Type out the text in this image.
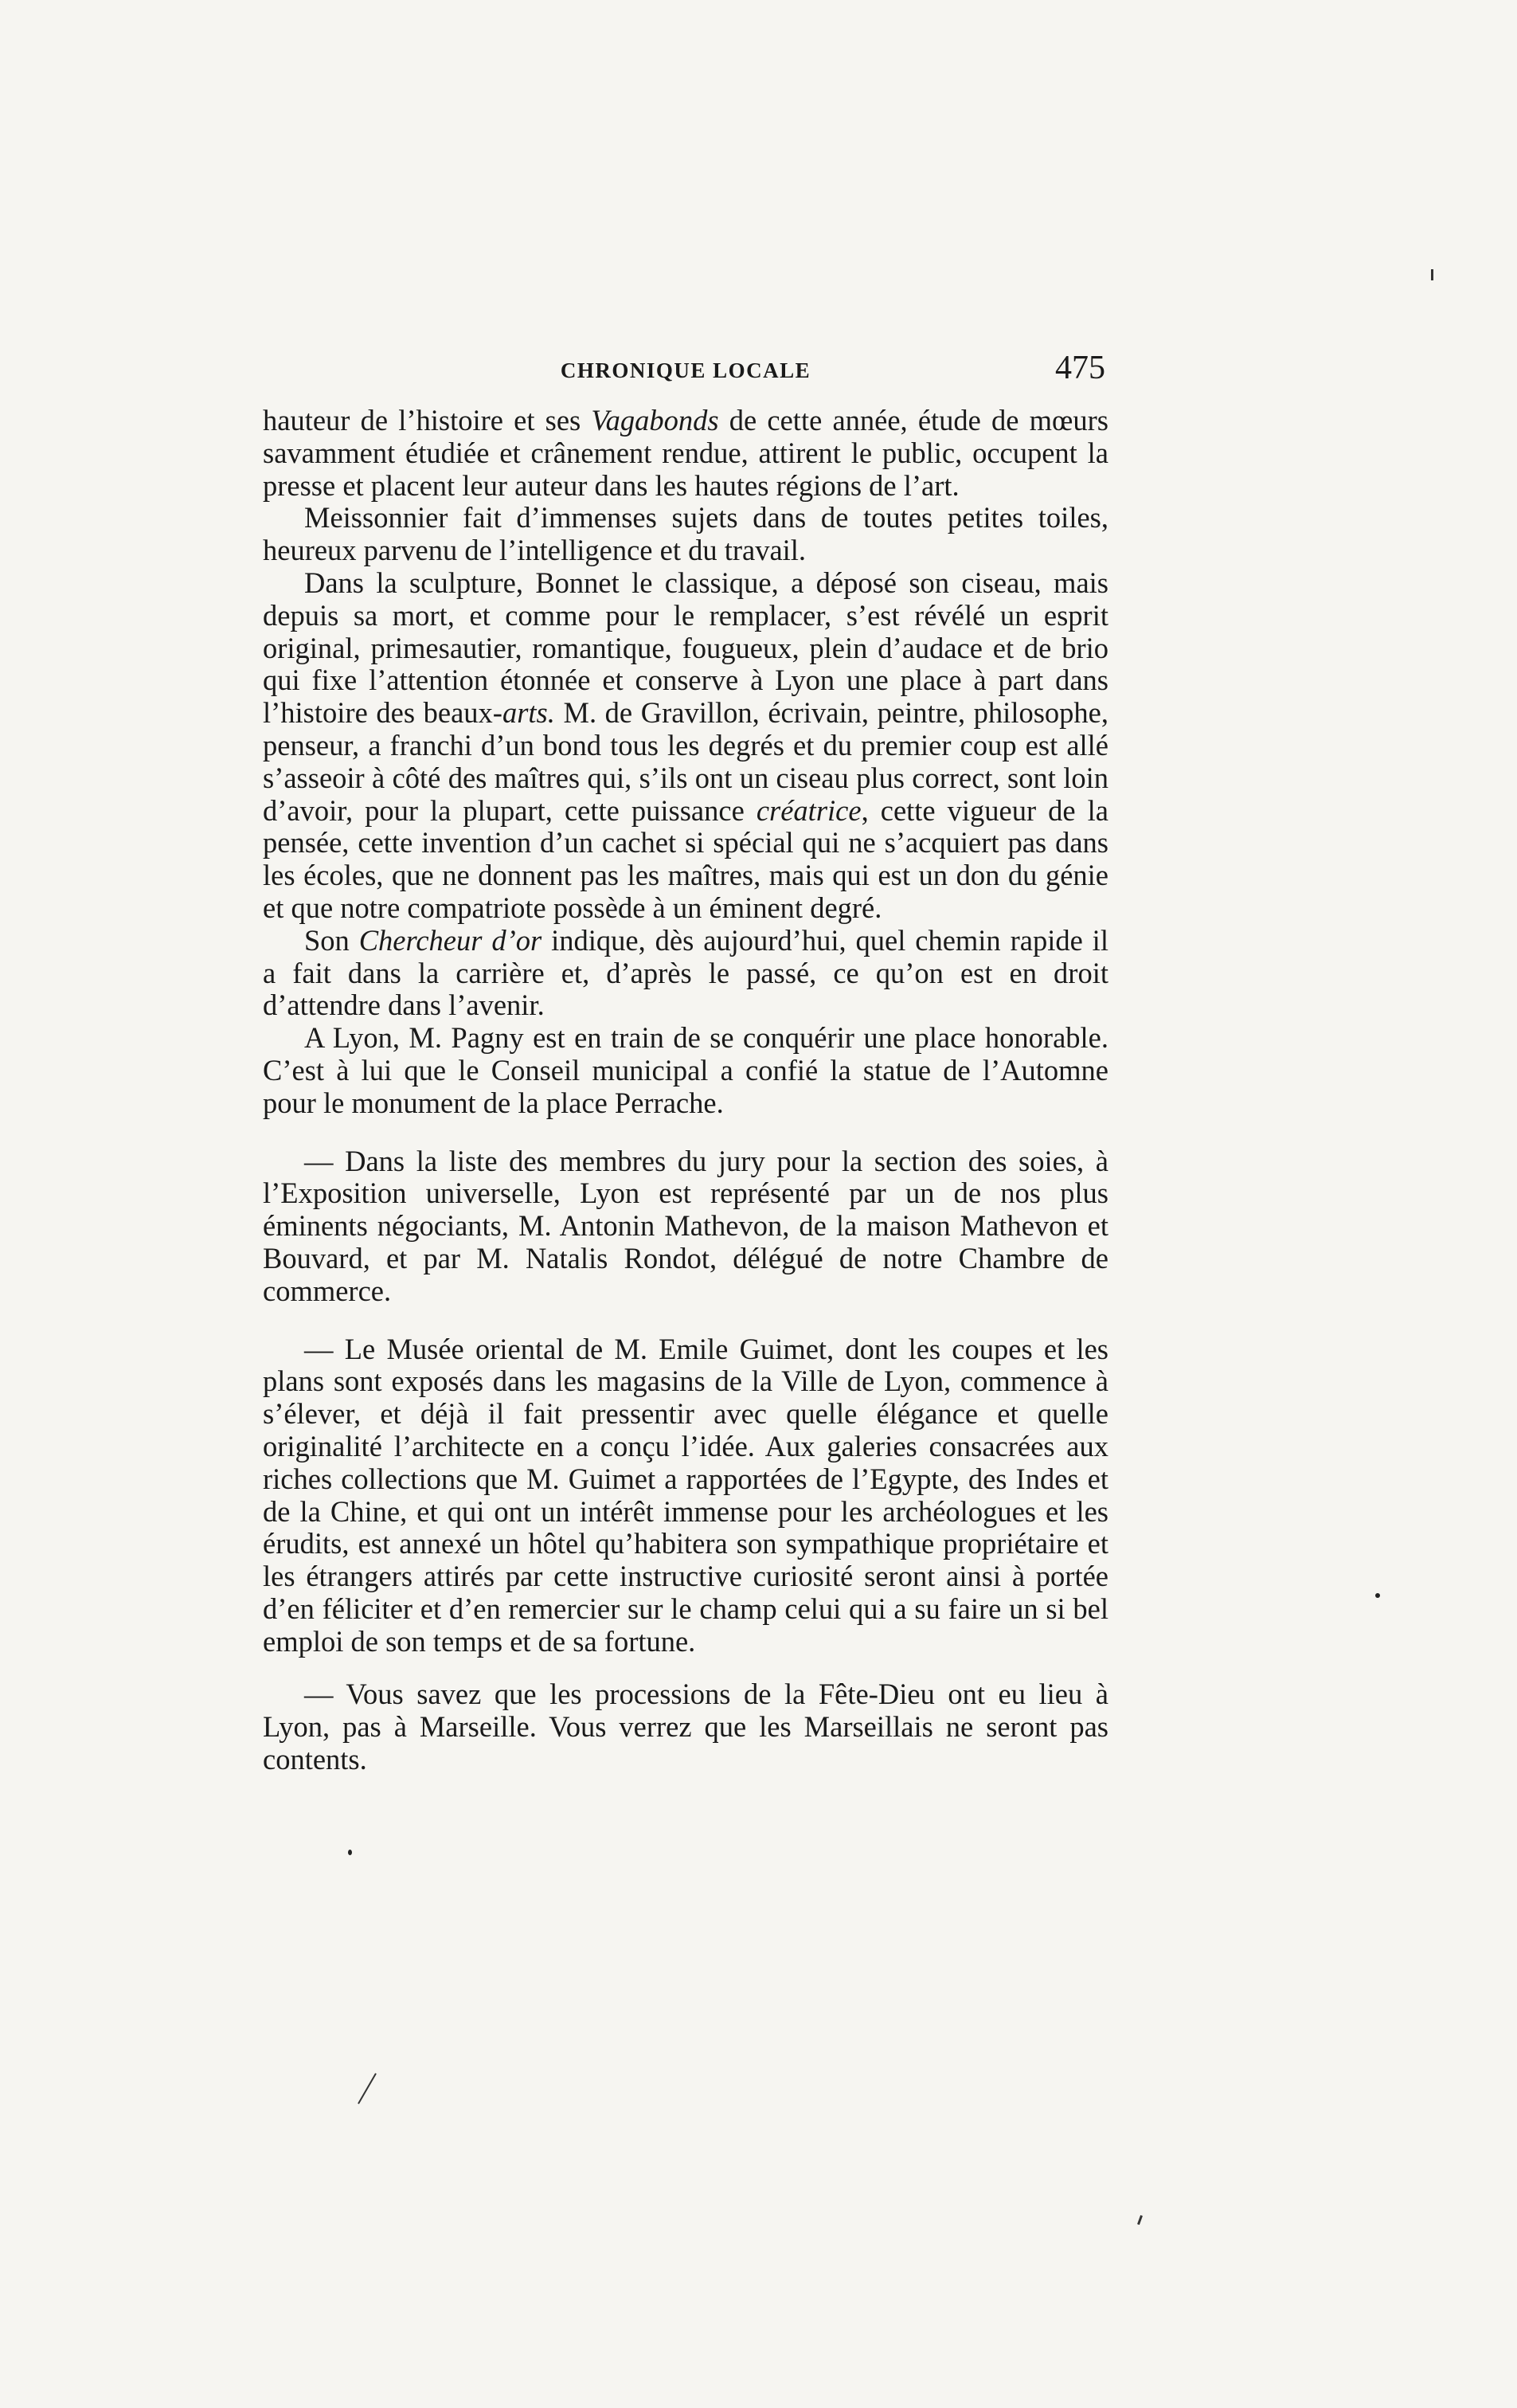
CHRONIQUE LOCALE	475

hauteur de l’histoire et ses Vagabonds de cette année, étude de mœurs savamment étudiée et crânement rendue, attirent le public, occupent la presse et placent leur auteur dans les hautes régions de l’art.

Meissonnier fait d’immenses sujets dans de toutes petites toiles, heureux parvenu de l’intelligence et du travail.

Dans la sculpture, Bonnet le classique, a déposé son ciseau, mais depuis sa mort, et comme pour le remplacer, s’est révélé un esprit original, primesautier, romantique, fougueux, plein d’audace et de brio qui fixe l’attention étonnée et conserve à Lyon une place à part dans l’histoire des beaux-arts. M. de Gravillon, écrivain, peintre, philosophe, penseur, a franchi d’un bond tous les degrés et du premier coup est allé s’asseoir à côté des maîtres qui, s’ils ont un ciseau plus correct, sont loin d’avoir, pour la plupart, cette puissance créatrice, cette vigueur de la pensée, cette invention d’un cachet si spécial qui ne s’acquiert pas dans les écoles, que ne donnent pas les maîtres, mais qui est un don du génie et que notre compatriote possède à un éminent degré.

Son Chercheur d’or indique, dès aujourd’hui, quel chemin rapide il a fait dans la carrière et, d’après le passé, ce qu’on est en droit d’attendre dans l’avenir.

A Lyon, M. Pagny est en train de se conquérir une place honorable. C’est à lui que le Conseil municipal a confié la statue de l’Automne pour le monument de la place Perrache.

— Dans la liste des membres du jury pour la section des soies, à l’Exposition universelle, Lyon est représenté par un de nos plus éminents négociants, M. Antonin Mathevon, de la maison Mathevon et Bouvard, et par M. Natalis Rondot, délégué de notre Chambre de commerce.

— Le Musée oriental de M. Emile Guimet, dont les coupes et les plans sont exposés dans les magasins de la Ville de Lyon, commence à s’élever, et déjà il fait pressentir avec quelle élégance et quelle originalité l’architecte en a conçu l’idée. Aux galeries consacrées aux riches collections que M. Guimet a rapportées de l’Egypte, des Indes et de la Chine, et qui ont un intérêt immense pour les archéologues et les érudits, est annexé un hôtel qu’habitera son sympathique propriétaire et les étrangers attirés par cette instructive curiosité seront ainsi à portée d’en féliciter et d’en remercier sur le champ celui qui a su faire un si bel emploi de son temps et de sa fortune.

— Vous savez que les processions de la Fête-Dieu ont eu lieu à Lyon, pas à Marseille. Vous verrez que les Marseillais ne seront pas contents.
